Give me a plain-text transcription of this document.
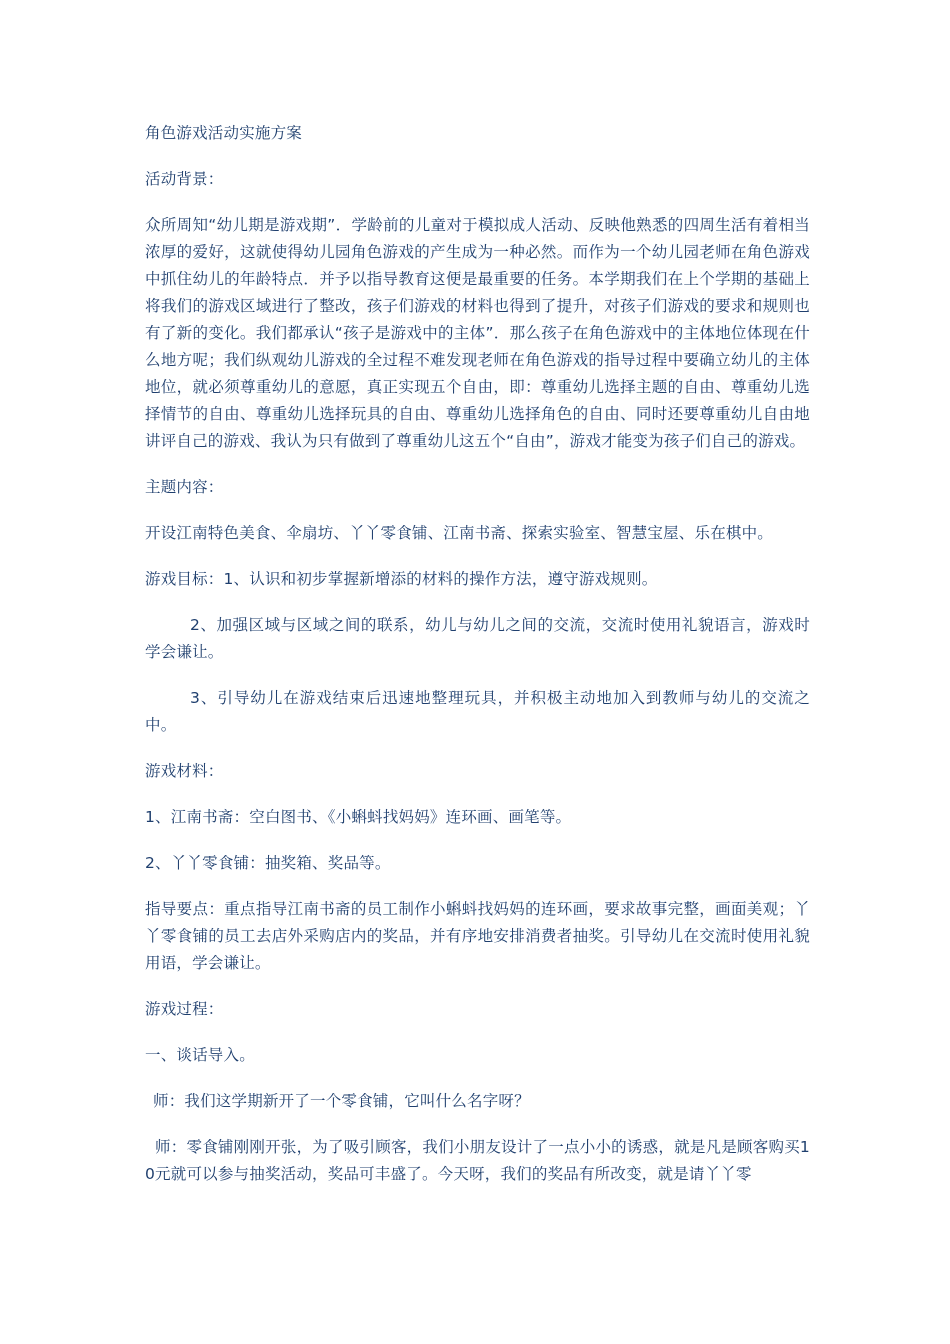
角色游戏活动实施方案

活动背景：

众所周知“幼儿期是游戏期”．学龄前的儿童对于模拟成人活动、反映他熟悉的四周生活有着相当浓厚的爱好，这就使得幼儿园角色游戏的产生成为一种必然。而作为一个幼儿园老师在角色游戏中抓住幼儿的年龄特点．并予以指导教育这便是最重要的任务。本学期我们在上个学期的基础上将我们的游戏区域进行了整改，孩子们游戏的材料也得到了提升，对孩子们游戏的要求和规则也有了新的变化。我们都承认“孩子是游戏中的主体”．那么孩子在角色游戏中的主体地位体现在什么地方呢；我们纵观幼儿游戏的全过程不难发现老师在角色游戏的指导过程中要确立幼儿的主体地位，就必须尊重幼儿的意愿，真正实现五个自由，即：尊重幼儿选择主题的自由、尊重幼儿选择情节的自由、尊重幼儿选择玩具的自由、尊重幼儿选择角色的自由、同时还要尊重幼儿自由地讲评自己的游戏、我认为只有做到了尊重幼儿这五个“自由”，游戏才能变为孩子们自己的游戏。

主题内容：

开设江南特色美食、伞扇坊、丫丫零食铺、江南书斋、探索实验室、智慧宝屋、乐在棋中。

游戏目标：1、认识和初步掌握新增添的材料的操作方法，遵守游戏规则。

2、加强区域与区域之间的联系，幼儿与幼儿之间的交流，交流时使用礼貌语言，游戏时学会谦让。

3、引导幼儿在游戏结束后迅速地整理玩具，并积极主动地加入到教师与幼儿的交流之中。

游戏材料：

1、江南书斋：空白图书、《小蝌蚪找妈妈》连环画、画笔等。

2、丫丫零食铺：抽奖箱、奖品等。

指导要点：重点指导江南书斋的员工制作小蝌蚪找妈妈的连环画，要求故事完整，画面美观；丫丫零食铺的员工去店外采购店内的奖品，并有序地安排消费者抽奖。引导幼儿在交流时使用礼貌用语，学会谦让。

游戏过程：

一、谈话导入。

师：我们这学期新开了一个零食铺，它叫什么名字呀？

师：零食铺刚刚开张，为了吸引顾客，我们小朋友设计了一点小小的诱惑，就是凡是顾客购买10元就可以参与抽奖活动，奖品可丰盛了。今天呀，我们的奖品有所改变，就是请丫丫零
